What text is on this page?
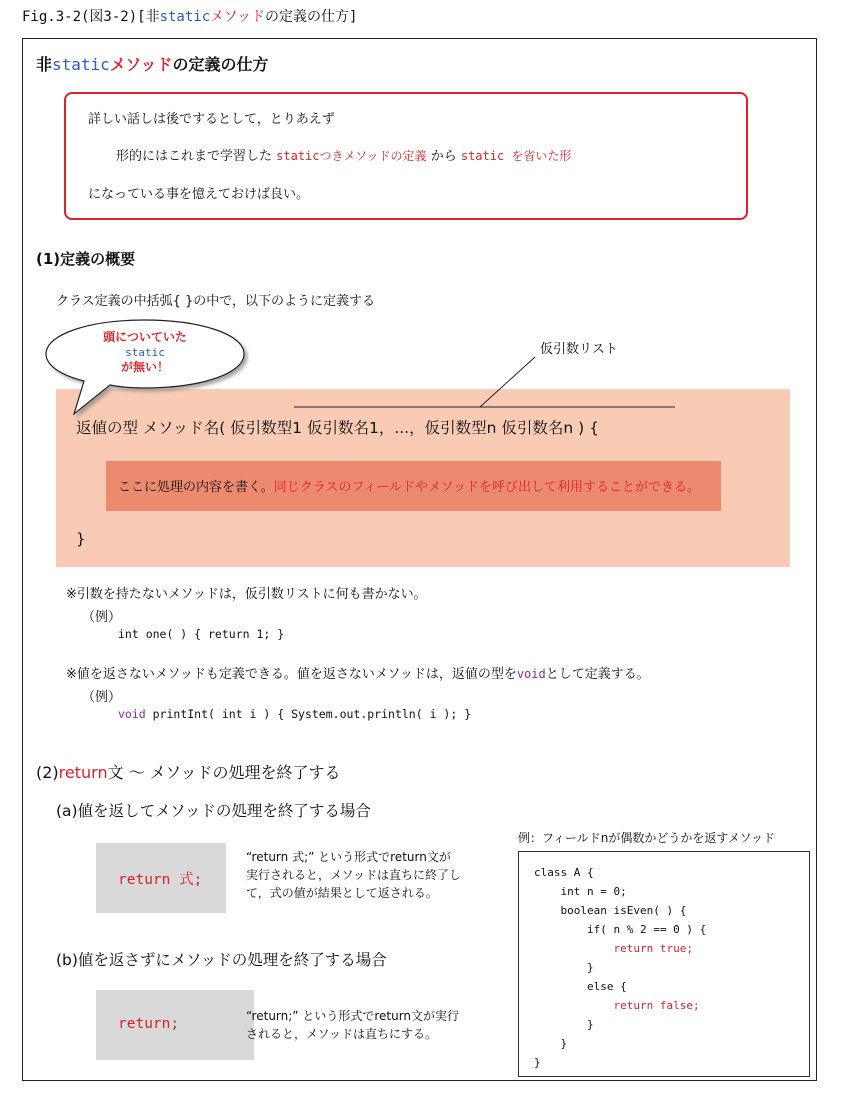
Fig.3-2(図3-2)[非staticメソッドの定義の仕方]
非staticメソッドの定義の仕方
詳しい話しは後でするとして，とりあえず
形的にはこれまで学習した staticつきメソッドの定義 から static を省いた形
になっている事を憶えておけば良い。
(1)定義の概要
クラス定義の中括弧{ }の中で，以下のように定義する
頭についていた
static
が無い！
仮引数リスト
返値の型 メソッド名( 仮引数型1 仮引数名1，...，仮引数型n 仮引数名n ) {
ここに処理の内容を書く。同じクラスのフィールドやメソッドを呼び出して利用することができる。
}
※引数を持たないメソッドは，仮引数リストに何も書かない。
（例）
int one( ) { return 1; }
※値を返さないメソッドも定義できる。値を返さないメソッドは，返値の型をvoidとして定義する。
（例）
void printInt( int i ) { System.out.println( i ); }
(2)return文 〜 メソッドの処理を終了する
(a)値を返してメソッドの処理を終了する場合
return 式;
“return 式;” という形式でreturn文が
実行されると，メソッドは直ちに終了し
て，式の値が結果として返される。
(b)値を返さずにメソッドの処理を終了する場合
return;	“return;” という形式でreturn文が実行
されると，メソッドは直ちにする。
例：フィールドnが偶数かどうかを返すメソッド
class A {
int n = 0;
boolean isEven( ) {
if( n % 2 == 0 ) {
return true;
}
else {
return false;
}
}
}
